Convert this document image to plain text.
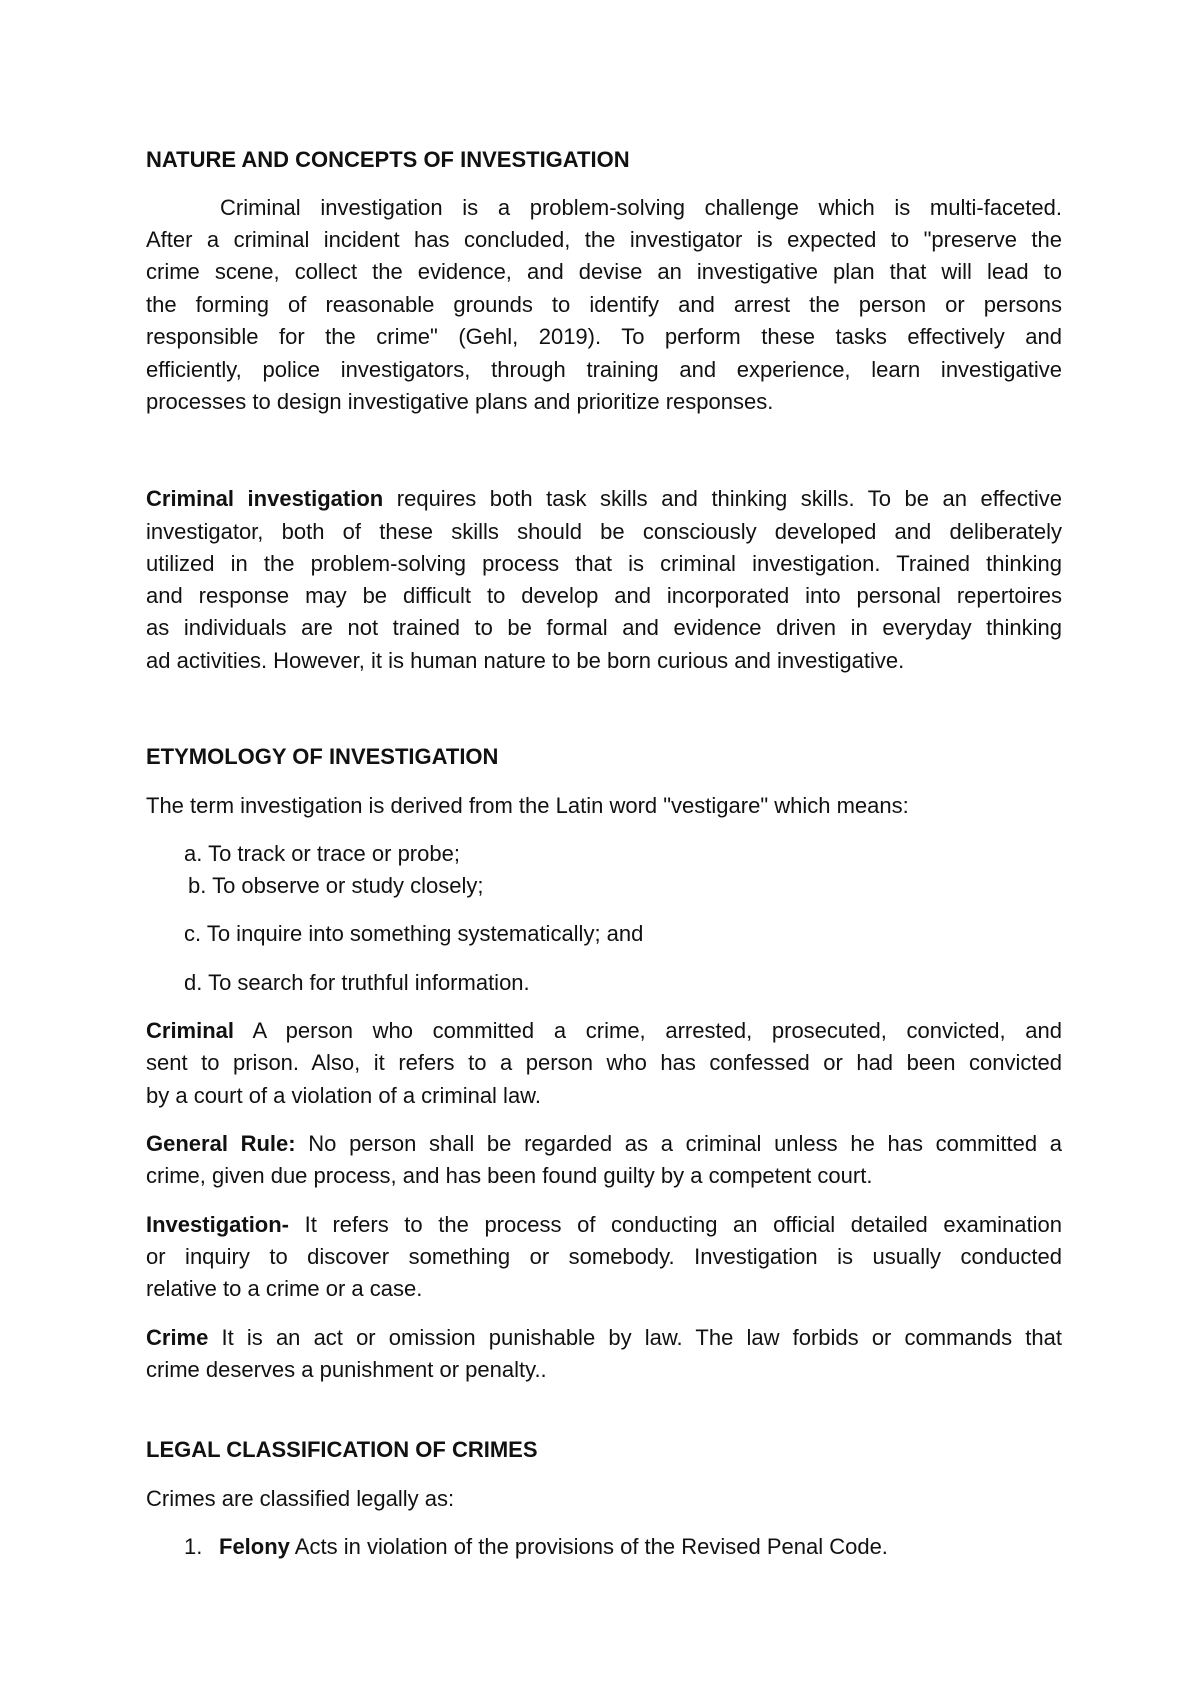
NATURE AND CONCEPTS OF INVESTIGATION
Criminal investigation is a problem-solving challenge which is multi-faceted.
After a criminal incident has concluded, the investigator is expected to "preserve the
crime scene, collect the evidence, and devise an investigative plan that will lead to
the forming of reasonable grounds to identify and arrest the person or persons
responsible for the crime" (Gehl, 2019). To perform these tasks effectively and
efficiently, police investigators, through training and experience, learn investigative
processes to design investigative plans and prioritize responses.
Criminal investigation requires both task skills and thinking skills. To be an effective
investigator, both of these skills should be consciously developed and deliberately
utilized in the problem-solving process that is criminal investigation. Trained thinking
and response may be difficult to develop and incorporated into personal repertoires
as individuals are not trained to be formal and evidence driven in everyday thinking
ad activities. However, it is human nature to be born curious and investigative.
ETYMOLOGY OF INVESTIGATION
The term investigation is derived from the Latin word "vestigare" which means:
a. To track or trace or probe;
b. To observe or study closely;
c. To inquire into something systematically; and
d. To search for truthful information.
Criminal A person who committed a crime, arrested, prosecuted, convicted, and
sent to prison. Also, it refers to a person who has confessed or had been convicted
by a court of a violation of a criminal law.
General Rule: No person shall be regarded as a criminal unless he has committed a
crime, given due process, and has been found guilty by a competent court.
Investigation- It refers to the process of conducting an official detailed examination
or inquiry to discover something or somebody. Investigation is usually conducted
relative to a crime or a case.
Crime It is an act or omission punishable by law. The law forbids or commands that
crime deserves a punishment or penalty..
LEGAL CLASSIFICATION OF CRIMES
Crimes are classified legally as:
1. Felony Acts in violation of the provisions of the Revised Penal Code.
